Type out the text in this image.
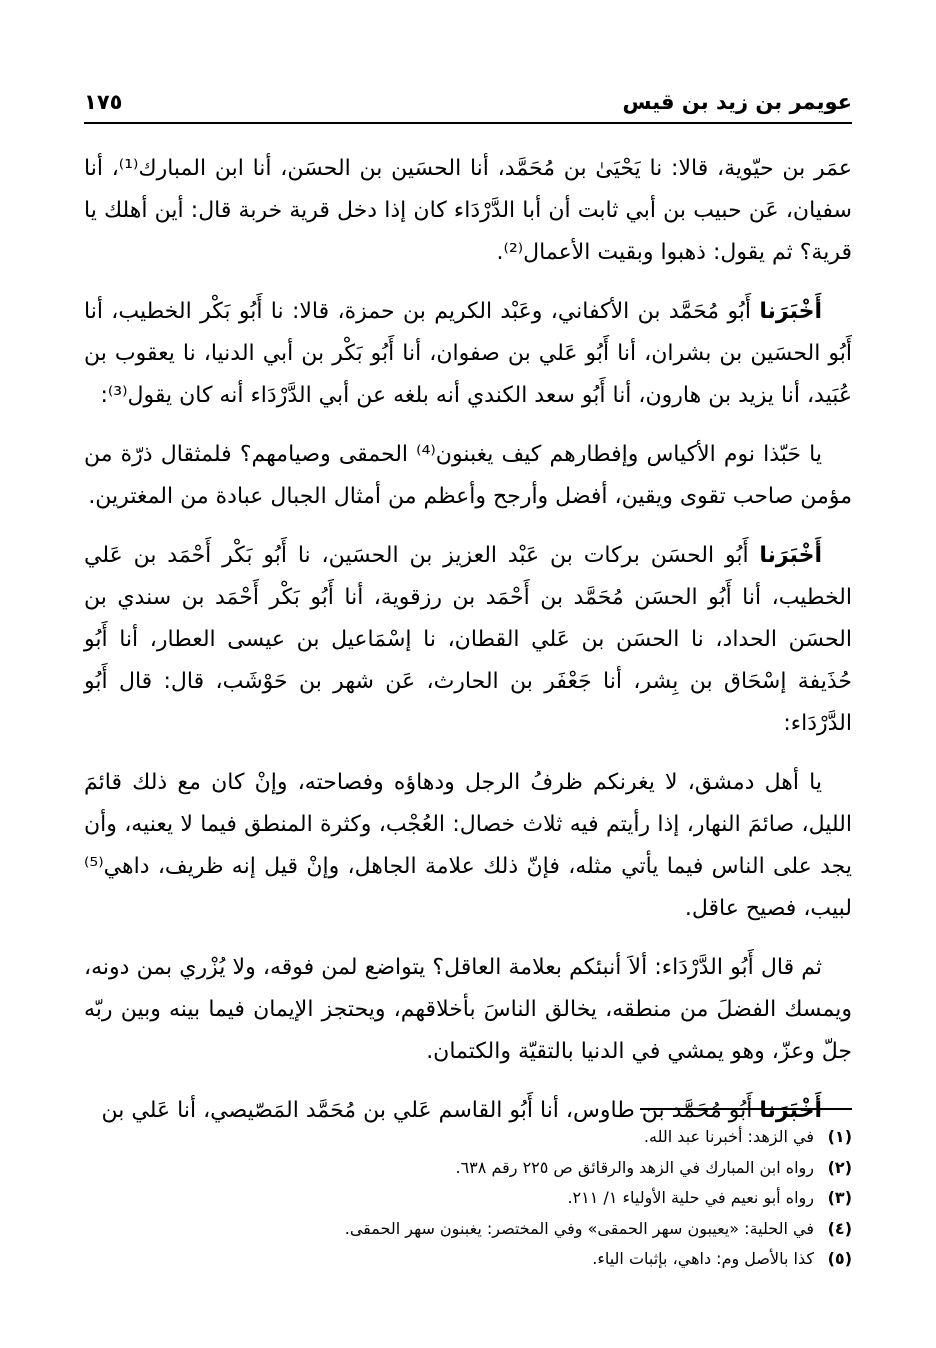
عويمر بن زيد بن قيس
١٧٥

عمَر بن حيّوية، قالا: نا يَحْيَىٰ بن مُحَمَّد، أنا الحسَين بن الحسَن، أنا ابن المبارك⁽¹⁾، أنا سفيان، عَن حبيب بن أبي ثابت أن أبا الدَّرْدَاء كان إذا دخل قرية خربة قال: أين أهلك يا قرية؟ ثم يقول: ذهبوا وبقيت الأعمال⁽²⁾.

أَخْبَرَنا أَبُو مُحَمَّد بن الأكفاني، وعَبْد الكريم بن حمزة، قالا: نا أَبُو بَكْر الخطيب، أنا أَبُو الحسَين بن بشران، أنا أَبُو عَلي بن صفوان، أنا أَبُو بَكْر بن أبي الدنيا، نا يعقوب بن عُبَيد، أنا يزيد بن هارون، أنا أَبُو سعد الكندي أنه بلغه عن أبي الدَّرْدَاء أنه كان يقول⁽³⁾:

يا حَبّذا نوم الأكياس وإفطارهم كيف يغبنون⁽⁴⁾ الحمقى وصيامهم؟ فلمثقال ذرّة من مؤمن صاحب تقوى ويقين، أفضل وأرجح وأعظم من أمثال الجبال عبادة من المغترين.

أَخْبَرَنا أَبُو الحسَن بركات بن عَبْد العزيز بن الحسَين، نا أَبُو بَكْر أَحْمَد بن عَلي الخطيب، أنا أَبُو الحسَن مُحَمَّد بن أَحْمَد بن رزقوية، أنا أَبُو بَكْر أَحْمَد بن سندي بن الحسَن الحداد، نا الحسَن بن عَلي القطان، نا إسْمَاعيل بن عيسى العطار، أنا أَبُو حُذَيفة إسْحَاق بن بِشر، أنا جَعْفَر بن الحارث، عَن شهر بن حَوْشَب، قال: قال أَبُو الدَّرْدَاء:

يا أهل دمشق، لا يغرنكم ظرفُ الرجل ودهاؤه وفصاحته، وإنْ كان مع ذلك قائمَ الليل، صائمَ النهار، إذا رأيتم فيه ثلاث خصال: العُجْب، وكثرة المنطق فيما لا يعنيه، وأن يجد على الناس فيما يأتي مثله، فإنّ ذلك علامة الجاهل، وإنْ قيل إنه ظريف، داهي⁽⁵⁾ لبيب، فصيح عاقل.

ثم قال أَبُو الدَّرْدَاء: ألاَ أنبئكم بعلامة العاقل؟ يتواضع لمن فوقه، ولا يُزْري بمن دونه، ويمسك الفضلَ من منطقه، يخالق الناسَ بأخلاقهم، ويحتجز الإيمان فيما بينه وبين ربّه جلّ وعزّ، وهو يمشي في الدنيا بالتقيّة والكتمان.

أَخْبَرَنا أَبُو مُحَمَّد بن طاوس، أنا أَبُو القاسم عَلي بن مُحَمَّد المَصّيصي، أنا عَلي بن

(١)في الزهد: أخبرنا عبد الله.
(٢)رواه ابن المبارك في الزهد والرقائق ص ٢٢٥ رقم ٦٣٨.
(٣)رواه أبو نعيم في حلية الأولياء ١/ ٢١١.
(٤)في الحلية: «يعيبون سهر الحمقى» وفي المختصر: يغبنون سهر الحمقى.
(٥)كذا بالأصل وم: داهي، بإثبات الياء.
